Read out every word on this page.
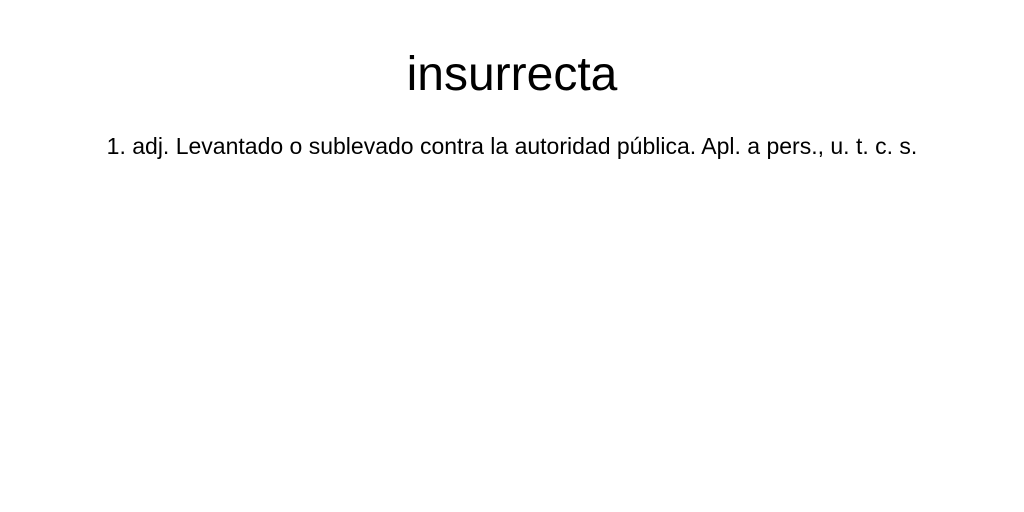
insurrecta

1. adj. Levantado o sublevado contra la autoridad pública. Apl. a pers., u. t. c. s.
